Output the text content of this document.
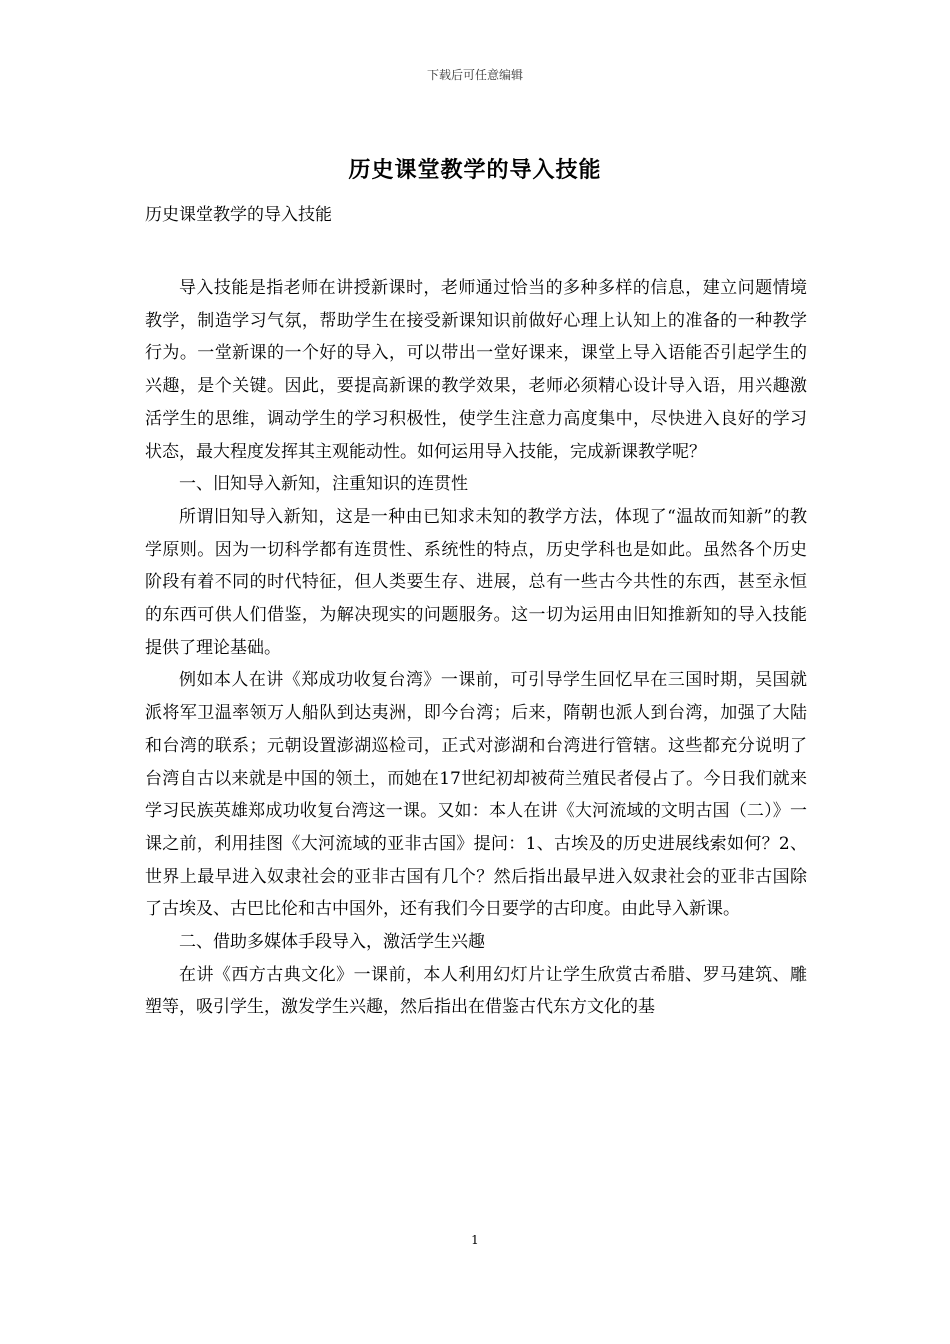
下载后可任意编辑
历史课堂教学的导入技能
历史课堂教学的导入技能

导入技能是指老师在讲授新课时，老师通过恰当的多种多样的信息，建立问题情境教学，制造学习气氛，帮助学生在接受新课知识前做好心理上认知上的准备的一种教学行为。一堂新课的一个好的导入，可以带出一堂好课来，课堂上导入语能否引起学生的兴趣，是个关键。因此，要提高新课的教学效果，老师必须精心设计导入语，用兴趣激活学生的思维，调动学生的学习积极性，使学生注意力高度集中，尽快进入良好的学习状态，最大程度发挥其主观能动性。如何运用导入技能，完成新课教学呢？

一、旧知导入新知，注重知识的连贯性

所谓旧知导入新知，这是一种由已知求未知的教学方法，体现了“温故而知新”的教学原则。因为一切科学都有连贯性、系统性的特点，历史学科也是如此。虽然各个历史阶段有着不同的时代特征，但人类要生存、进展，总有一些古今共性的东西，甚至永恒的东西可供人们借鉴，为解决现实的问题服务。这一切为运用由旧知推新知的导入技能提供了理论基础。

例如本人在讲《郑成功收复台湾》一课前，可引导学生回忆早在三国时期，吴国就派将军卫温率领万人船队到达夷洲，即今台湾；后来，隋朝也派人到台湾，加强了大陆和台湾的联系；元朝设置澎湖巡检司，正式对澎湖和台湾进行管辖。这些都充分说明了台湾自古以来就是中国的领土，而她在17世纪初却被荷兰殖民者侵占了。今日我们就来学习民族英雄郑成功收复台湾这一课。又如：本人在讲《大河流域的文明古国（二）》一课之前，利用挂图《大河流域的亚非古国》提问：1、古埃及的历史进展线索如何？2、世界上最早进入奴隶社会的亚非古国有几个？然后指出最早进入奴隶社会的亚非古国除了古埃及、古巴比伦和古中国外，还有我们今日要学的古印度。由此导入新课。

二、借助多媒体手段导入，激活学生兴趣

在讲《西方古典文化》一课前，本人利用幻灯片让学生欣赏古希腊、罗马建筑、雕塑等，吸引学生，激发学生兴趣，然后指出在借鉴古代东方文化的基

1
